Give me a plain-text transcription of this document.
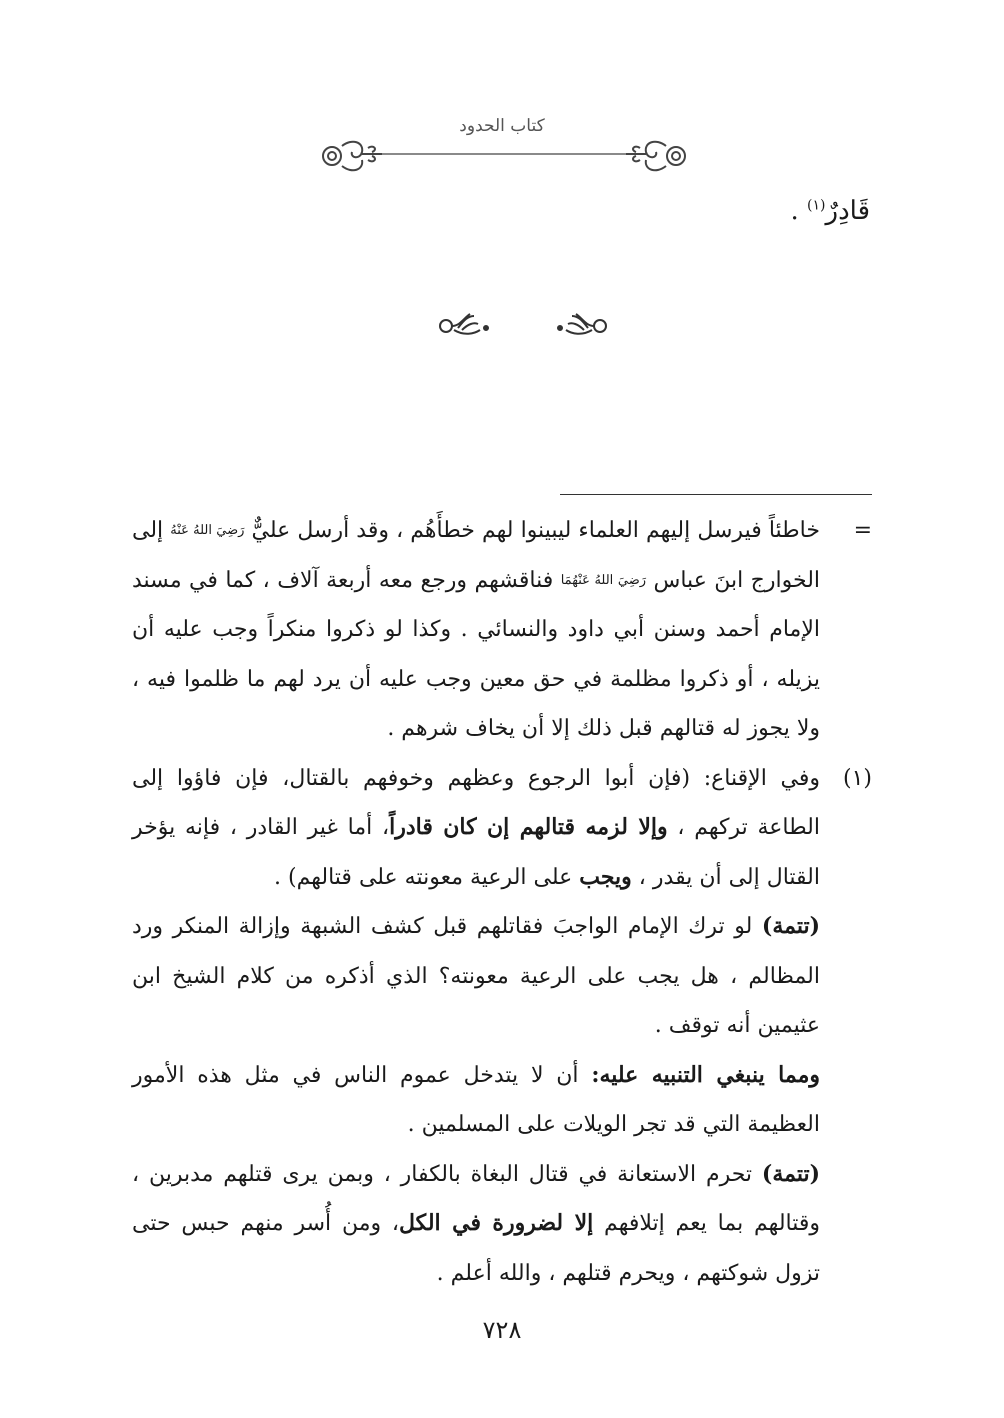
كتاب الحدود
قَادِرٌ$^{(١)}$ .
=

خاطئاً فيرسل إليهم العلماء ليبينوا لهم خطأَهُم ، وقد أرسل عليٌّ رَضِيَ اللهُ عَنْهُ إلى الخوارج ابنَ عباس رَضِيَ اللهُ عَنْهُمَا فناقشهم ورجع معه أربعة آلاف ، كما في مسند الإمام أحمد وسنن أبي داود والنسائي . وكذا لو ذكروا منكراً وجب عليه أن يزيله ، أو ذكروا مظلمة في حق معين وجب عليه أن يرد لهم ما ظلموا فيه ، ولا يجوز له قتالهم قبل ذلك إلا أن يخاف شرهم .

(١)

وفي الإقناع: (فإن أبوا الرجوع وعظهم وخوفهم بالقتال، فإن فاؤوا إلى الطاعة تركهم ، وإلا لزمه قتالهم إن كان قادراً، أما غير القادر ، فإنه يؤخر القتال إلى أن يقدر ، ويجب على الرعية معونته على قتالهم) .

(تتمة) لو ترك الإمام الواجبَ فقاتلهم قبل كشف الشبهة وإزالة المنكر ورد المظالم ، هل يجب على الرعية معونته؟ الذي أذكره من كلام الشيخ ابن عثيمين أنه توقف .

ومما ينبغي التنبيه عليه: أن لا يتدخل عموم الناس في مثل هذه الأمور العظيمة التي قد تجر الويلات على المسلمين .

(تتمة) تحرم الاستعانة في قتال البغاة بالكفار ، وبمن يرى قتلهم مدبرين ، وقتالهم بما يعم إتلافهم إلا لضرورة في الكل، ومن أُسر منهم حبس حتى تزول شوكتهم ، ويحرم قتلهم ، والله أعلم .

٧٢٨
